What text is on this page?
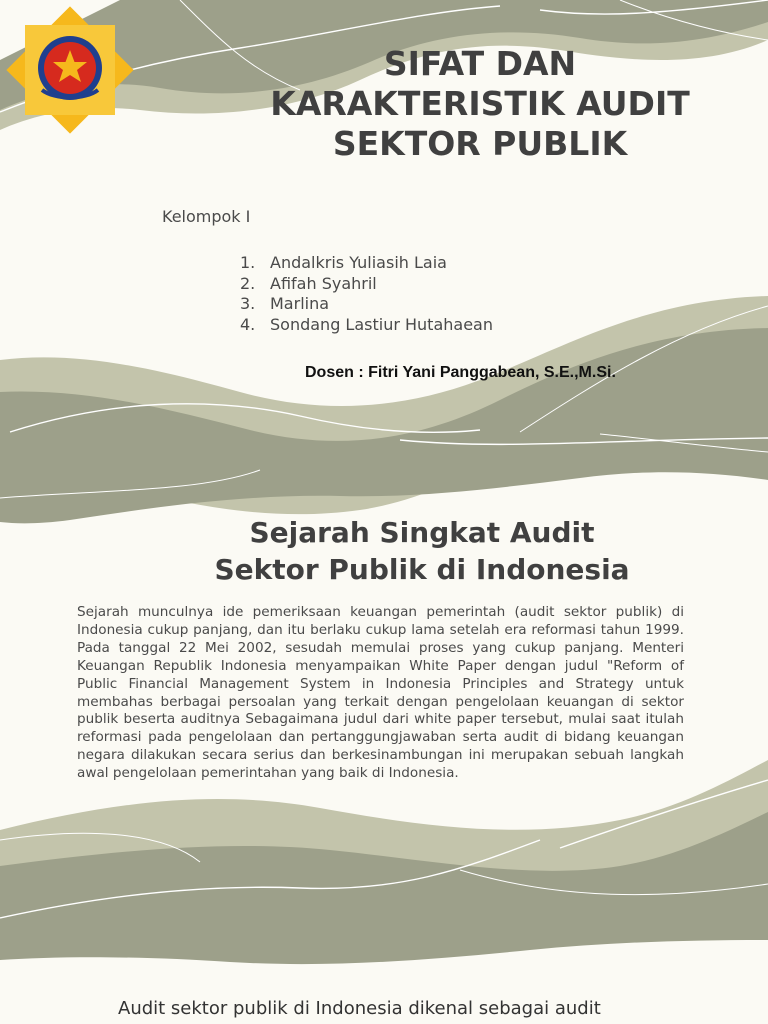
SIFAT DAN
KARAKTERISTIK AUDIT
SEKTOR PUBLIK

Kelompok I

1. Andalkris Yuliasih Laia
2. Afifah Syahril
3. Marlina
4. Sondang Lastiur Hutahaean

Dosen : Fitri Yani Panggabean, S.E.,M.Si.

Sejarah Singkat Audit
Sektor Publik di Indonesia

Sejarah munculnya ide pemeriksaan keuangan pemerintah (audit sektor publik) di Indonesia cukup panjang, dan itu berlaku cukup lama setelah era reformasi tahun 1999. Pada tanggal 22 Mei 2002, sesudah memulai proses yang cukup panjang. Menteri Keuangan Republik Indonesia menyampaikan White Paper dengan judul "Reform of Public Financial Management System in Indonesia Principles and Strategy untuk membahas berbagai persoalan yang terkait dengan pengelolaan keuangan di sektor publik beserta auditnya Sebagaimana judul dari white paper tersebut, mulai saat itulah reformasi pada pengelolaan dan pertanggungjawaban serta audit di bidang keuangan negara dilakukan secara serius dan berkesinambungan ini merupakan sebuah langkah awal pengelolaan pemerintahan yang baik di Indonesia.

Audit sektor publik di Indonesia dikenal sebagai audit
